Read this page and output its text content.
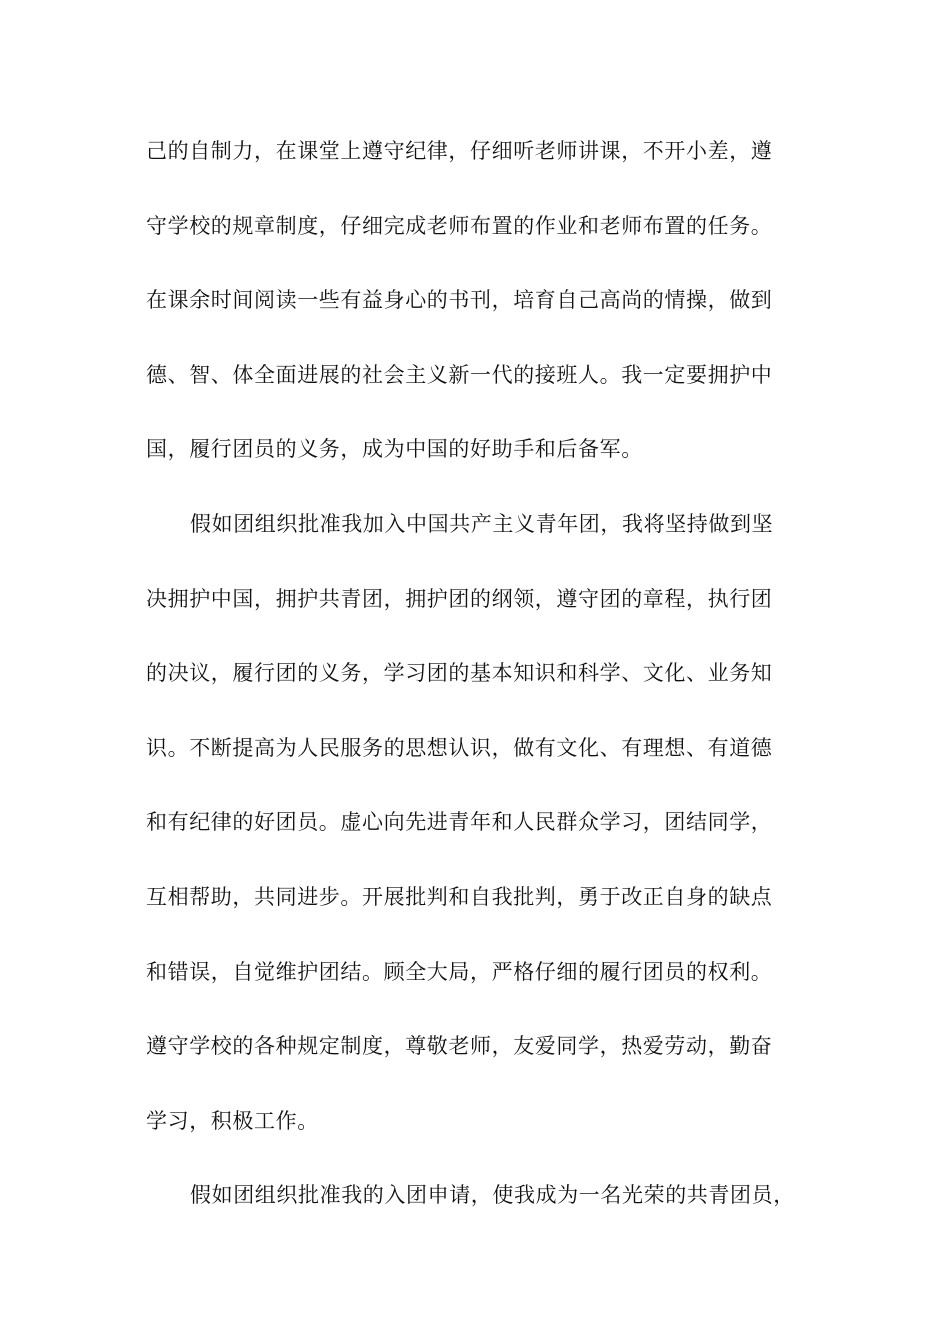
己的自制力，在课堂上遵守纪律，仔细听老师讲课，不开小差，遵
守学校的规章制度，仔细完成老师布置的作业和老师布置的任务。
在课余时间阅读一些有益身心的书刊，培育自己高尚的情操，做到
德、智、体全面进展的社会主义新一代的接班人。我一定要拥护中
国，履行团员的义务，成为中国的好助手和后备军。
假如团组织批准我加入中国共产主义青年团，我将坚持做到坚
决拥护中国，拥护共青团，拥护团的纲领，遵守团的章程，执行团
的决议，履行团的义务，学习团的基本知识和科学、文化、业务知
识。不断提高为人民服务的思想认识，做有文化、有理想、有道德
和有纪律的好团员。虚心向先进青年和人民群众学习，团结同学，
互相帮助，共同进步。开展批判和自我批判，勇于改正自身的缺点
和错误，自觉维护团结。顾全大局，严格仔细的履行团员的权利。
遵守学校的各种规定制度，尊敬老师，友爱同学，热爱劳动，勤奋
学习，积极工作。
假如团组织批准我的入团申请，使我成为一名光荣的共青团员，
